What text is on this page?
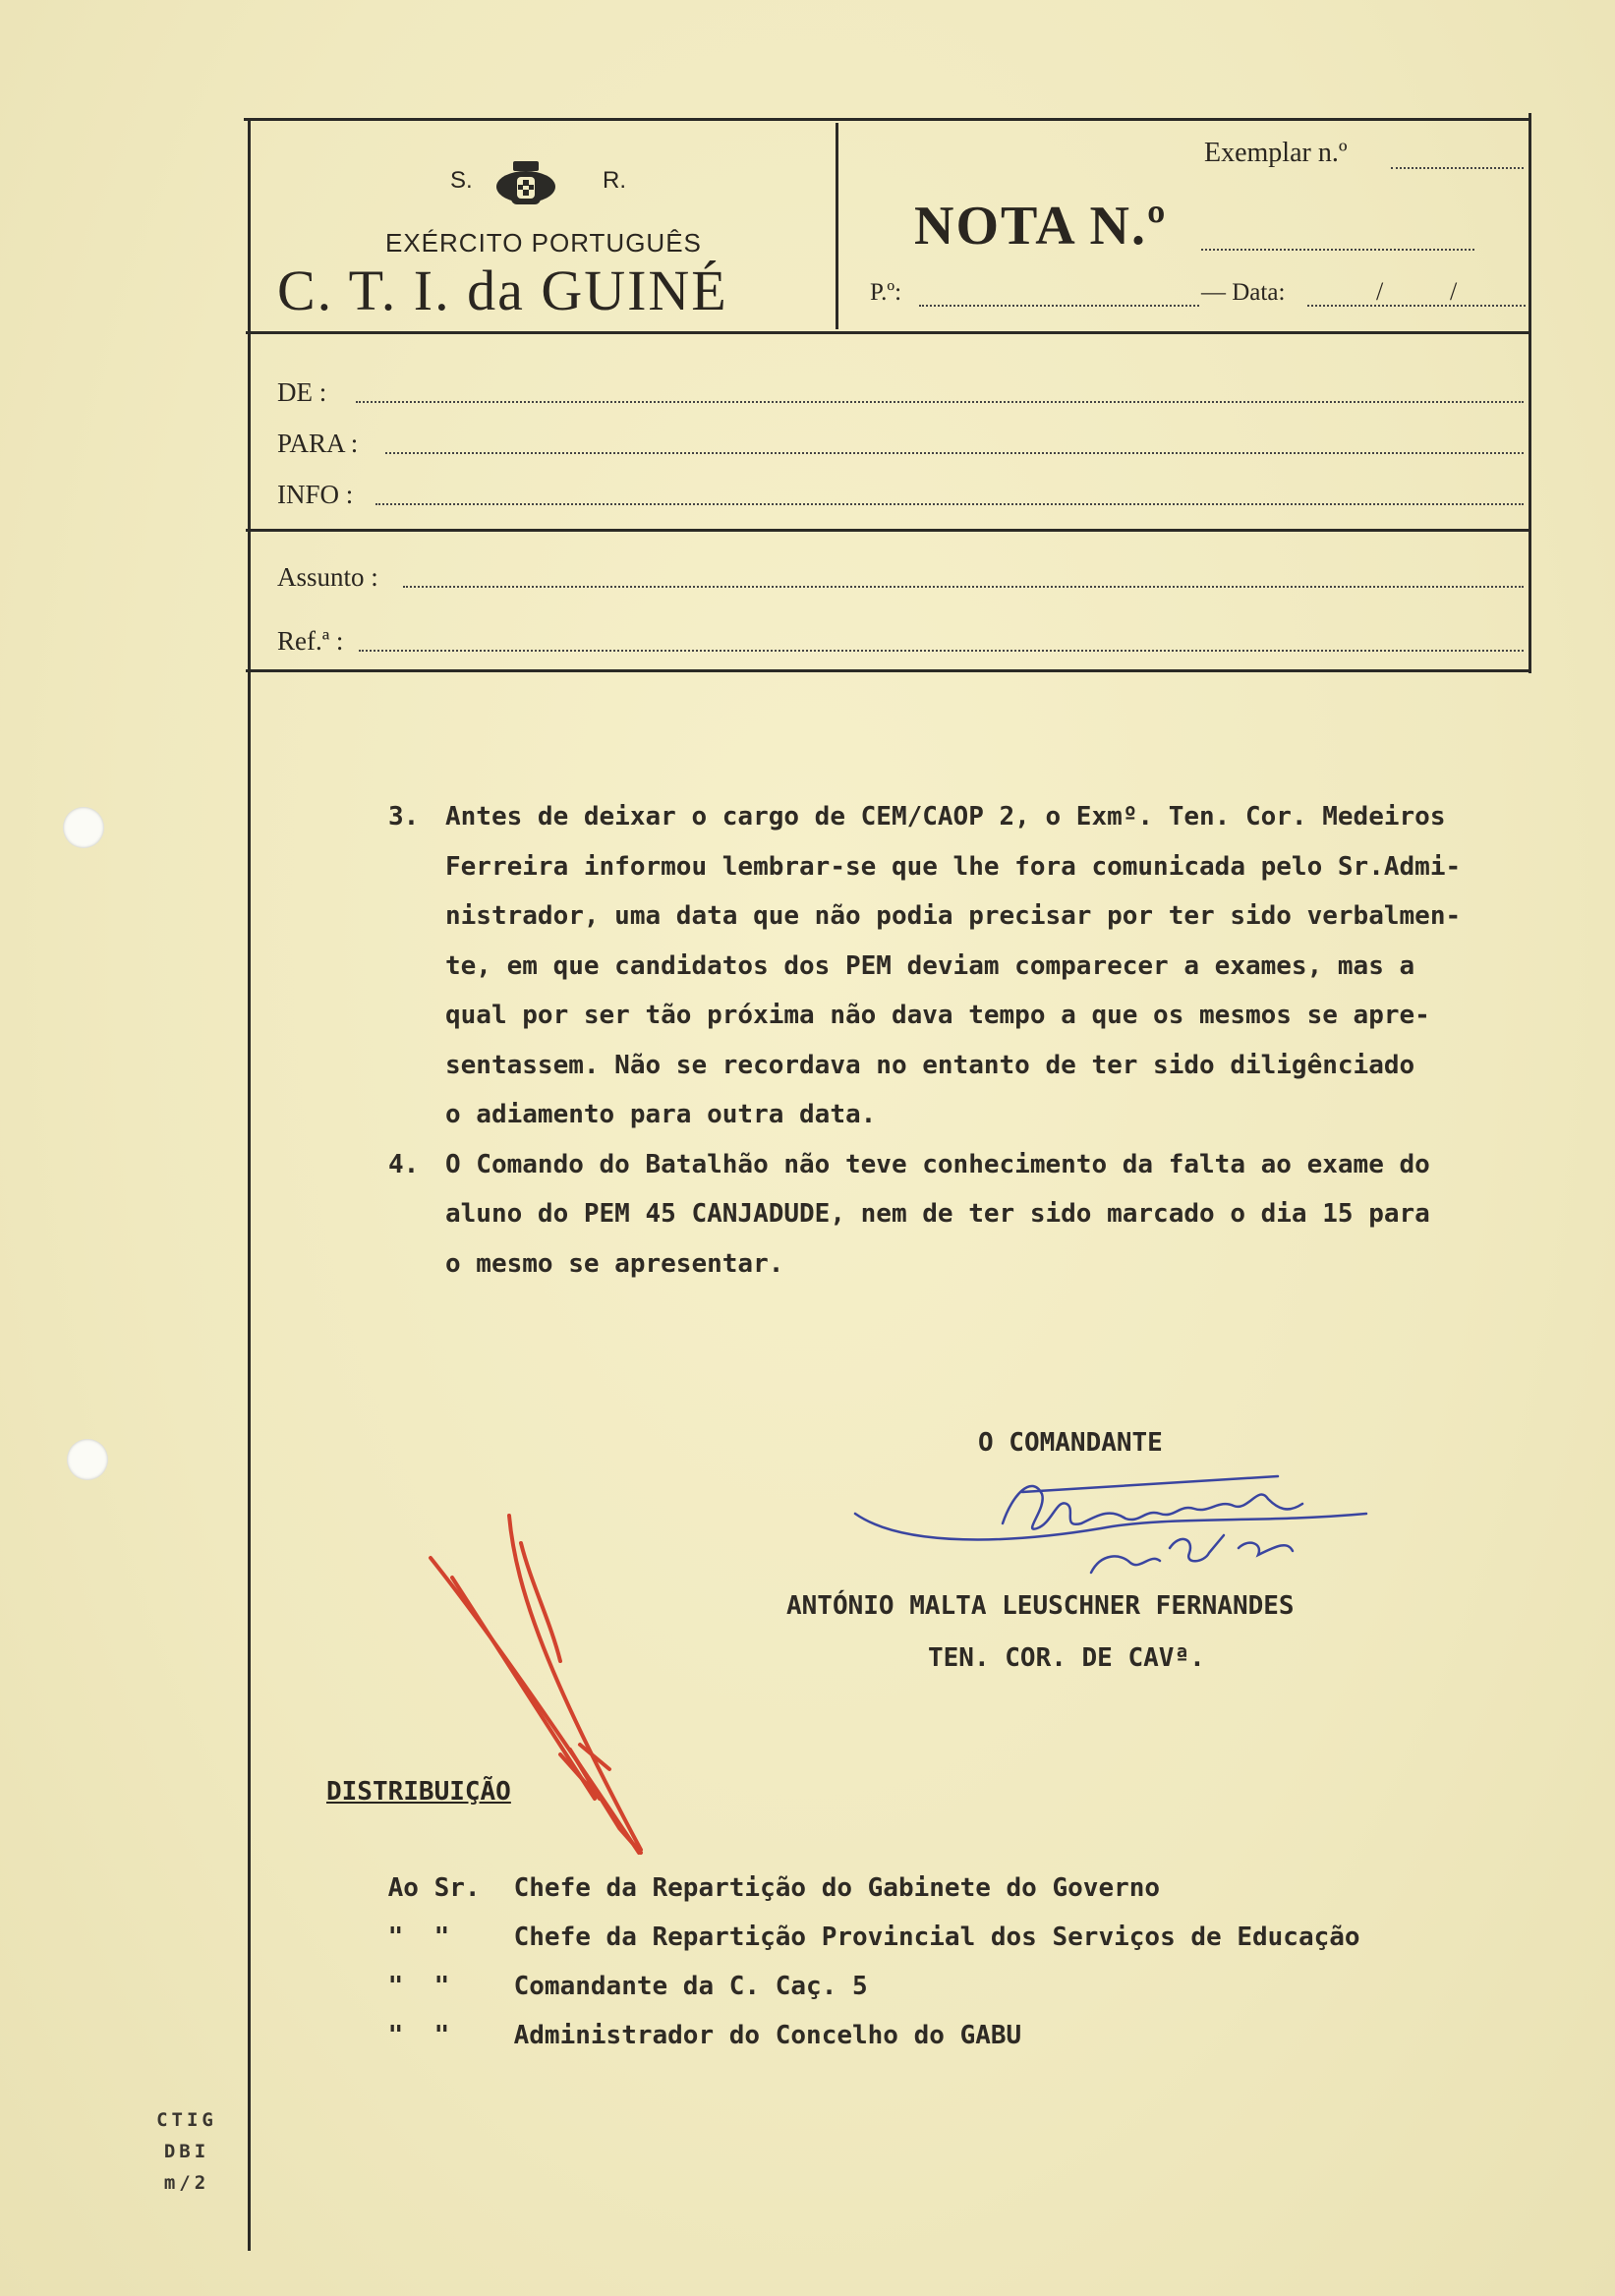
S.	R.
EXÉRCITO PORTUGUÊS
C. T. I. da GUINÉ
Exemplar n.º
NOTA N.º
P.º:	— Data:	/	/
DE :
PARA :
INFO :
Assunto :
Ref.ª :
3.	Antes de deixar o cargo de CEM/CAOP 2, o Exmº. Ten. Cor. Medeiros
Ferreira informou lembrar-se que lhe fora comunicada pelo Sr.Admi-
nistrador, uma data que não podia precisar por ter sido verbalmen-
te, em que candidatos dos PEM deviam comparecer a exames, mas a
qual por ser tão próxima não dava tempo a que os mesmos se apre-
sentassem. Não se recordava no entanto de ter sido diligênciado
o adiamento para outra data.
4.	O Comando do Batalhão não teve conhecimento da falta ao exame do
aluno do PEM 45 CANJADUDE, nem de ter sido marcado o dia 15 para
o mesmo se apresentar.
O COMANDANTE
ANTÓNIO MALTA LEUSCHNER FERNANDES
TEN. COR. DE CAVª.
DISTRIBUIÇÃO

Ao Sr. Chefe da Repartição do Gabinete do Governo

"  "	Chefe da Repartição Provincial dos Serviços de Educação

"  "	Comandante da C. Caç. 5

"  "	Administrador do Concelho do GABU

CTIG
DBI
m/2
